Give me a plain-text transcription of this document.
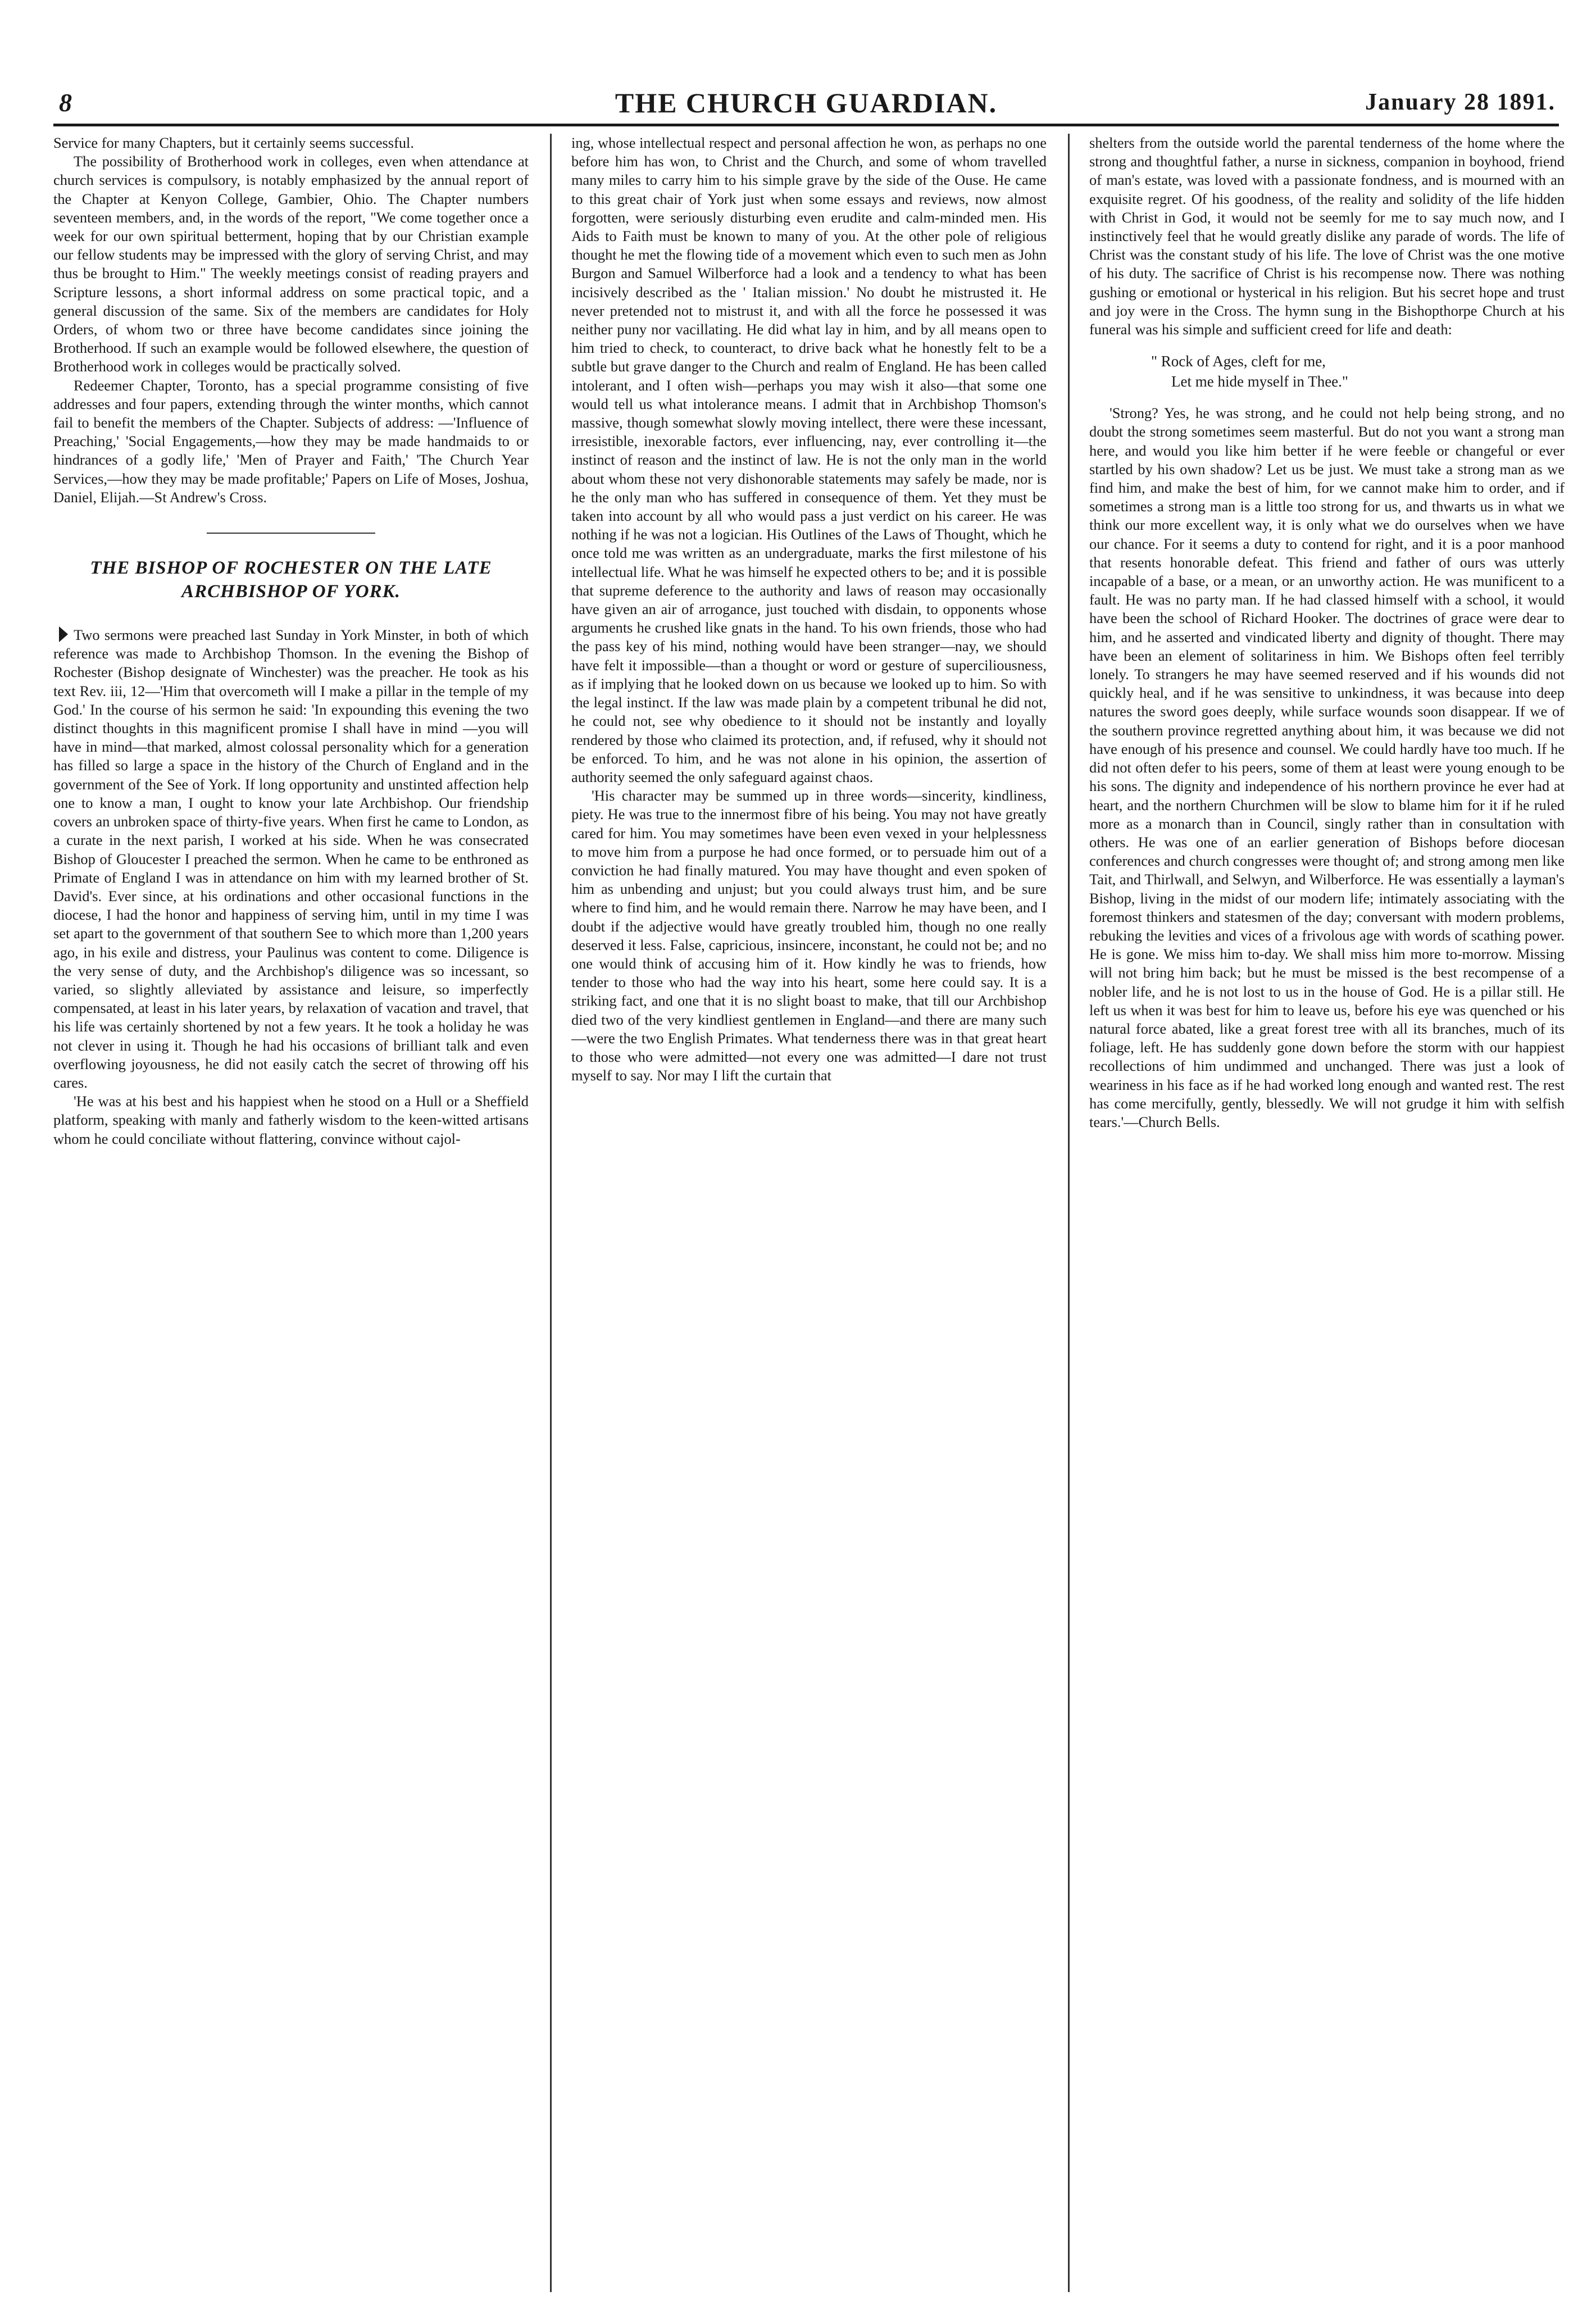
8	THE CHURCH GUARDIAN.	January 28 1891.

Service for many Chapters, but it certainly seems successful.

The possibility of Brotherhood work in colleges, even when attendance at church services is compulsory, is notably emphasized by the annual report of the Chapter at Kenyon College, Gambier, Ohio. The Chapter numbers seventeen members, and, in the words of the report, "We come together once a week for our own spiritual betterment, hoping that by our Christian example our fellow students may be impressed with the glory of serving Christ, and may thus be brought to Him." The weekly meetings consist of reading prayers and Scripture lessons, a short informal address on some practical topic, and a general discussion of the same. Six of the members are candidates for Holy Orders, of whom two or three have become candidates since joining the Brotherhood. If such an example would be followed elsewhere, the question of Brotherhood work in colleges would be practically solved.

Redeemer Chapter, Toronto, has a special programme consisting of five addresses and four papers, extending through the winter months, which cannot fail to benefit the members of the Chapter. Subjects of address: —'Influence of Preaching,' 'Social Engagements,—how they may be made handmaids to or hindrances of a godly life,' 'Men of Prayer and Faith,' 'The Church Year Services,—how they may be made profitable;' Papers on Life of Moses, Joshua, Daniel, Elijah.—St Andrew's Cross.

THE BISHOP OF ROCHESTER ON THE LATE ARCHBISHOP OF YORK.

Two sermons were preached last Sunday in York Minster, in both of which reference was made to Archbishop Thomson. In the evening the Bishop of Rochester (Bishop designate of Winchester) was the preacher. He took as his text Rev. iii, 12—'Him that overcometh will I make a pillar in the temple of my God.' In the course of his sermon he said: 'In expounding this evening the two distinct thoughts in this magnificent promise I shall have in mind —you will have in mind—that marked, almost colossal personality which for a generation has filled so large a space in the history of the Church of England and in the government of the See of York. If long opportunity and unstinted affection help one to know a man, I ought to know your late Archbishop. Our friendship covers an unbroken space of thirty-five years. When first he came to London, as a curate in the next parish, I worked at his side. When he was consecrated Bishop of Gloucester I preached the sermon. When he came to be enthroned as Primate of England I was in attendance on him with my learned brother of St. David's. Ever since, at his ordinations and other occasional functions in the diocese, I had the honor and happiness of serving him, until in my time I was set apart to the government of that southern See to which more than 1,200 years ago, in his exile and distress, your Paulinus was content to come. Diligence is the very sense of duty, and the Archbishop's diligence was so incessant, so varied, so slightly alleviated by assistance and leisure, so imperfectly compensated, at least in his later years, by relaxation of vacation and travel, that his life was certainly shortened by not a few years. It he took a holiday he was not clever in using it. Though he had his occasions of brilliant talk and even overflowing joyousness, he did not easily catch the secret of throwing off his cares.

'He was at his best and his happiest when he stood on a Hull or a Sheffield platform, speaking with manly and fatherly wisdom to the keen-witted artisans whom he could conciliate without flattering, convince without cajol-

ing, whose intellectual respect and personal affection he won, as perhaps no one before him has won, to Christ and the Church, and some of whom travelled many miles to carry him to his simple grave by the side of the Ouse. He came to this great chair of York just when some essays and reviews, now almost forgotten, were seriously disturbing even erudite and calm-minded men. His Aids to Faith must be known to many of you. At the other pole of religious thought he met the flowing tide of a movement which even to such men as John Burgon and Samuel Wilberforce had a look and a tendency to what has been incisively described as the ' Italian mission.' No doubt he mistrusted it. He never pretended not to mistrust it, and with all the force he possessed it was neither puny nor vacillating. He did what lay in him, and by all means open to him tried to check, to counteract, to drive back what he honestly felt to be a subtle but grave danger to the Church and realm of England. He has been called intolerant, and I often wish—perhaps you may wish it also—that some one would tell us what intolerance means. I admit that in Archbishop Thomson's massive, though somewhat slowly moving intellect, there were these incessant, irresistible, inexorable factors, ever influencing, nay, ever controlling it—the instinct of reason and the instinct of law. He is not the only man in the world about whom these not very dishonorable statements may safely be made, nor is he the only man who has suffered in consequence of them. Yet they must be taken into account by all who would pass a just verdict on his career. He was nothing if he was not a logician. His Outlines of the Laws of Thought, which he once told me was written as an undergraduate, marks the first milestone of his intellectual life. What he was himself he expected others to be; and it is possible that supreme deference to the authority and laws of reason may occasionally have given an air of arrogance, just touched with disdain, to opponents whose arguments he crushed like gnats in the hand. To his own friends, those who had the pass key of his mind, nothing would have been stranger—nay, we should have felt it impossible—than a thought or word or gesture of superciliousness, as if implying that he looked down on us because we looked up to him. So with the legal instinct. If the law was made plain by a competent tribunal he did not, he could not, see why obedience to it should not be instantly and loyally rendered by those who claimed its protection, and, if refused, why it should not be enforced. To him, and he was not alone in his opinion, the assertion of authority seemed the only safeguard against chaos.

'His character may be summed up in three words—sincerity, kindliness, piety. He was true to the innermost fibre of his being. You may not have greatly cared for him. You may sometimes have been even vexed in your helplessness to move him from a purpose he had once formed, or to persuade him out of a conviction he had finally matured. You may have thought and even spoken of him as unbending and unjust; but you could always trust him, and be sure where to find him, and he would remain there. Narrow he may have been, and I doubt if the adjective would have greatly troubled him, though no one really deserved it less. False, capricious, insincere, inconstant, he could not be; and no one would think of accusing him of it. How kindly he was to friends, how tender to those who had the way into his heart, some here could say. It is a striking fact, and one that it is no slight boast to make, that till our Archbishop died two of the very kindliest gentlemen in England—and there are many such—were the two English Primates. What tenderness there was in that great heart to those who were admitted—not every one was admitted—I dare not trust myself to say. Nor may I lift the curtain that

shelters from the outside world the parental tenderness of the home where the strong and thoughtful father, a nurse in sickness, companion in boyhood, friend of man's estate, was loved with a passionate fondness, and is mourned with an exquisite regret. Of his goodness, of the reality and solidity of the life hidden with Christ in God, it would not be seemly for me to say much now, and I instinctively feel that he would greatly dislike any parade of words. The life of Christ was the constant study of his life. The love of Christ was the one motive of his duty. The sacrifice of Christ is his recompense now. There was nothing gushing or emotional or hysterical in his religion. But his secret hope and trust and joy were in the Cross. The hymn sung in the Bishopthorpe Church at his funeral was his simple and sufficient creed for life and death:

" Rock of Ages, cleft for me,
Let me hide myself in Thee."

'Strong? Yes, he was strong, and he could not help being strong, and no doubt the strong sometimes seem masterful. But do not you want a strong man here, and would you like him better if he were feeble or changeful or ever startled by his own shadow? Let us be just. We must take a strong man as we find him, and make the best of him, for we cannot make him to order, and if sometimes a strong man is a little too strong for us, and thwarts us in what we think our more excellent way, it is only what we do ourselves when we have our chance. For it seems a duty to contend for right, and it is a poor manhood that resents honorable defeat. This friend and father of ours was utterly incapable of a base, or a mean, or an unworthy action. He was munificent to a fault. He was no party man. If he had classed himself with a school, it would have been the school of Richard Hooker. The doctrines of grace were dear to him, and he asserted and vindicated liberty and dignity of thought. There may have been an element of solitariness in him. We Bishops often feel terribly lonely. To strangers he may have seemed reserved and if his wounds did not quickly heal, and if he was sensitive to unkindness, it was because into deep natures the sword goes deeply, while surface wounds soon disappear. If we of the southern province regretted anything about him, it was because we did not have enough of his presence and counsel. We could hardly have too much. If he did not often defer to his peers, some of them at least were young enough to be his sons. The dignity and independence of his northern province he ever had at heart, and the northern Churchmen will be slow to blame him for it if he ruled more as a monarch than in Council, singly rather than in consultation with others. He was one of an earlier generation of Bishops before diocesan conferences and church congresses were thought of; and strong among men like Tait, and Thirlwall, and Selwyn, and Wilberforce. He was essentially a layman's Bishop, living in the midst of our modern life; intimately associating with the foremost thinkers and statesmen of the day; conversant with modern problems, rebuking the levities and vices of a frivolous age with words of scathing power. He is gone. We miss him to-day. We shall miss him more to-morrow. Missing will not bring him back; but he must be missed is the best recompense of a nobler life, and he is not lost to us in the house of God. He is a pillar still. He left us when it was best for him to leave us, before his eye was quenched or his natural force abated, like a great forest tree with all its branches, much of its foliage, left. He has suddenly gone down before the storm with our happiest recollections of him undimmed and unchanged. There was just a look of weariness in his face as if he had worked long enough and wanted rest. The rest has come mercifully, gently, blessedly. We will not grudge it him with selfish tears.'—Church Bells.
